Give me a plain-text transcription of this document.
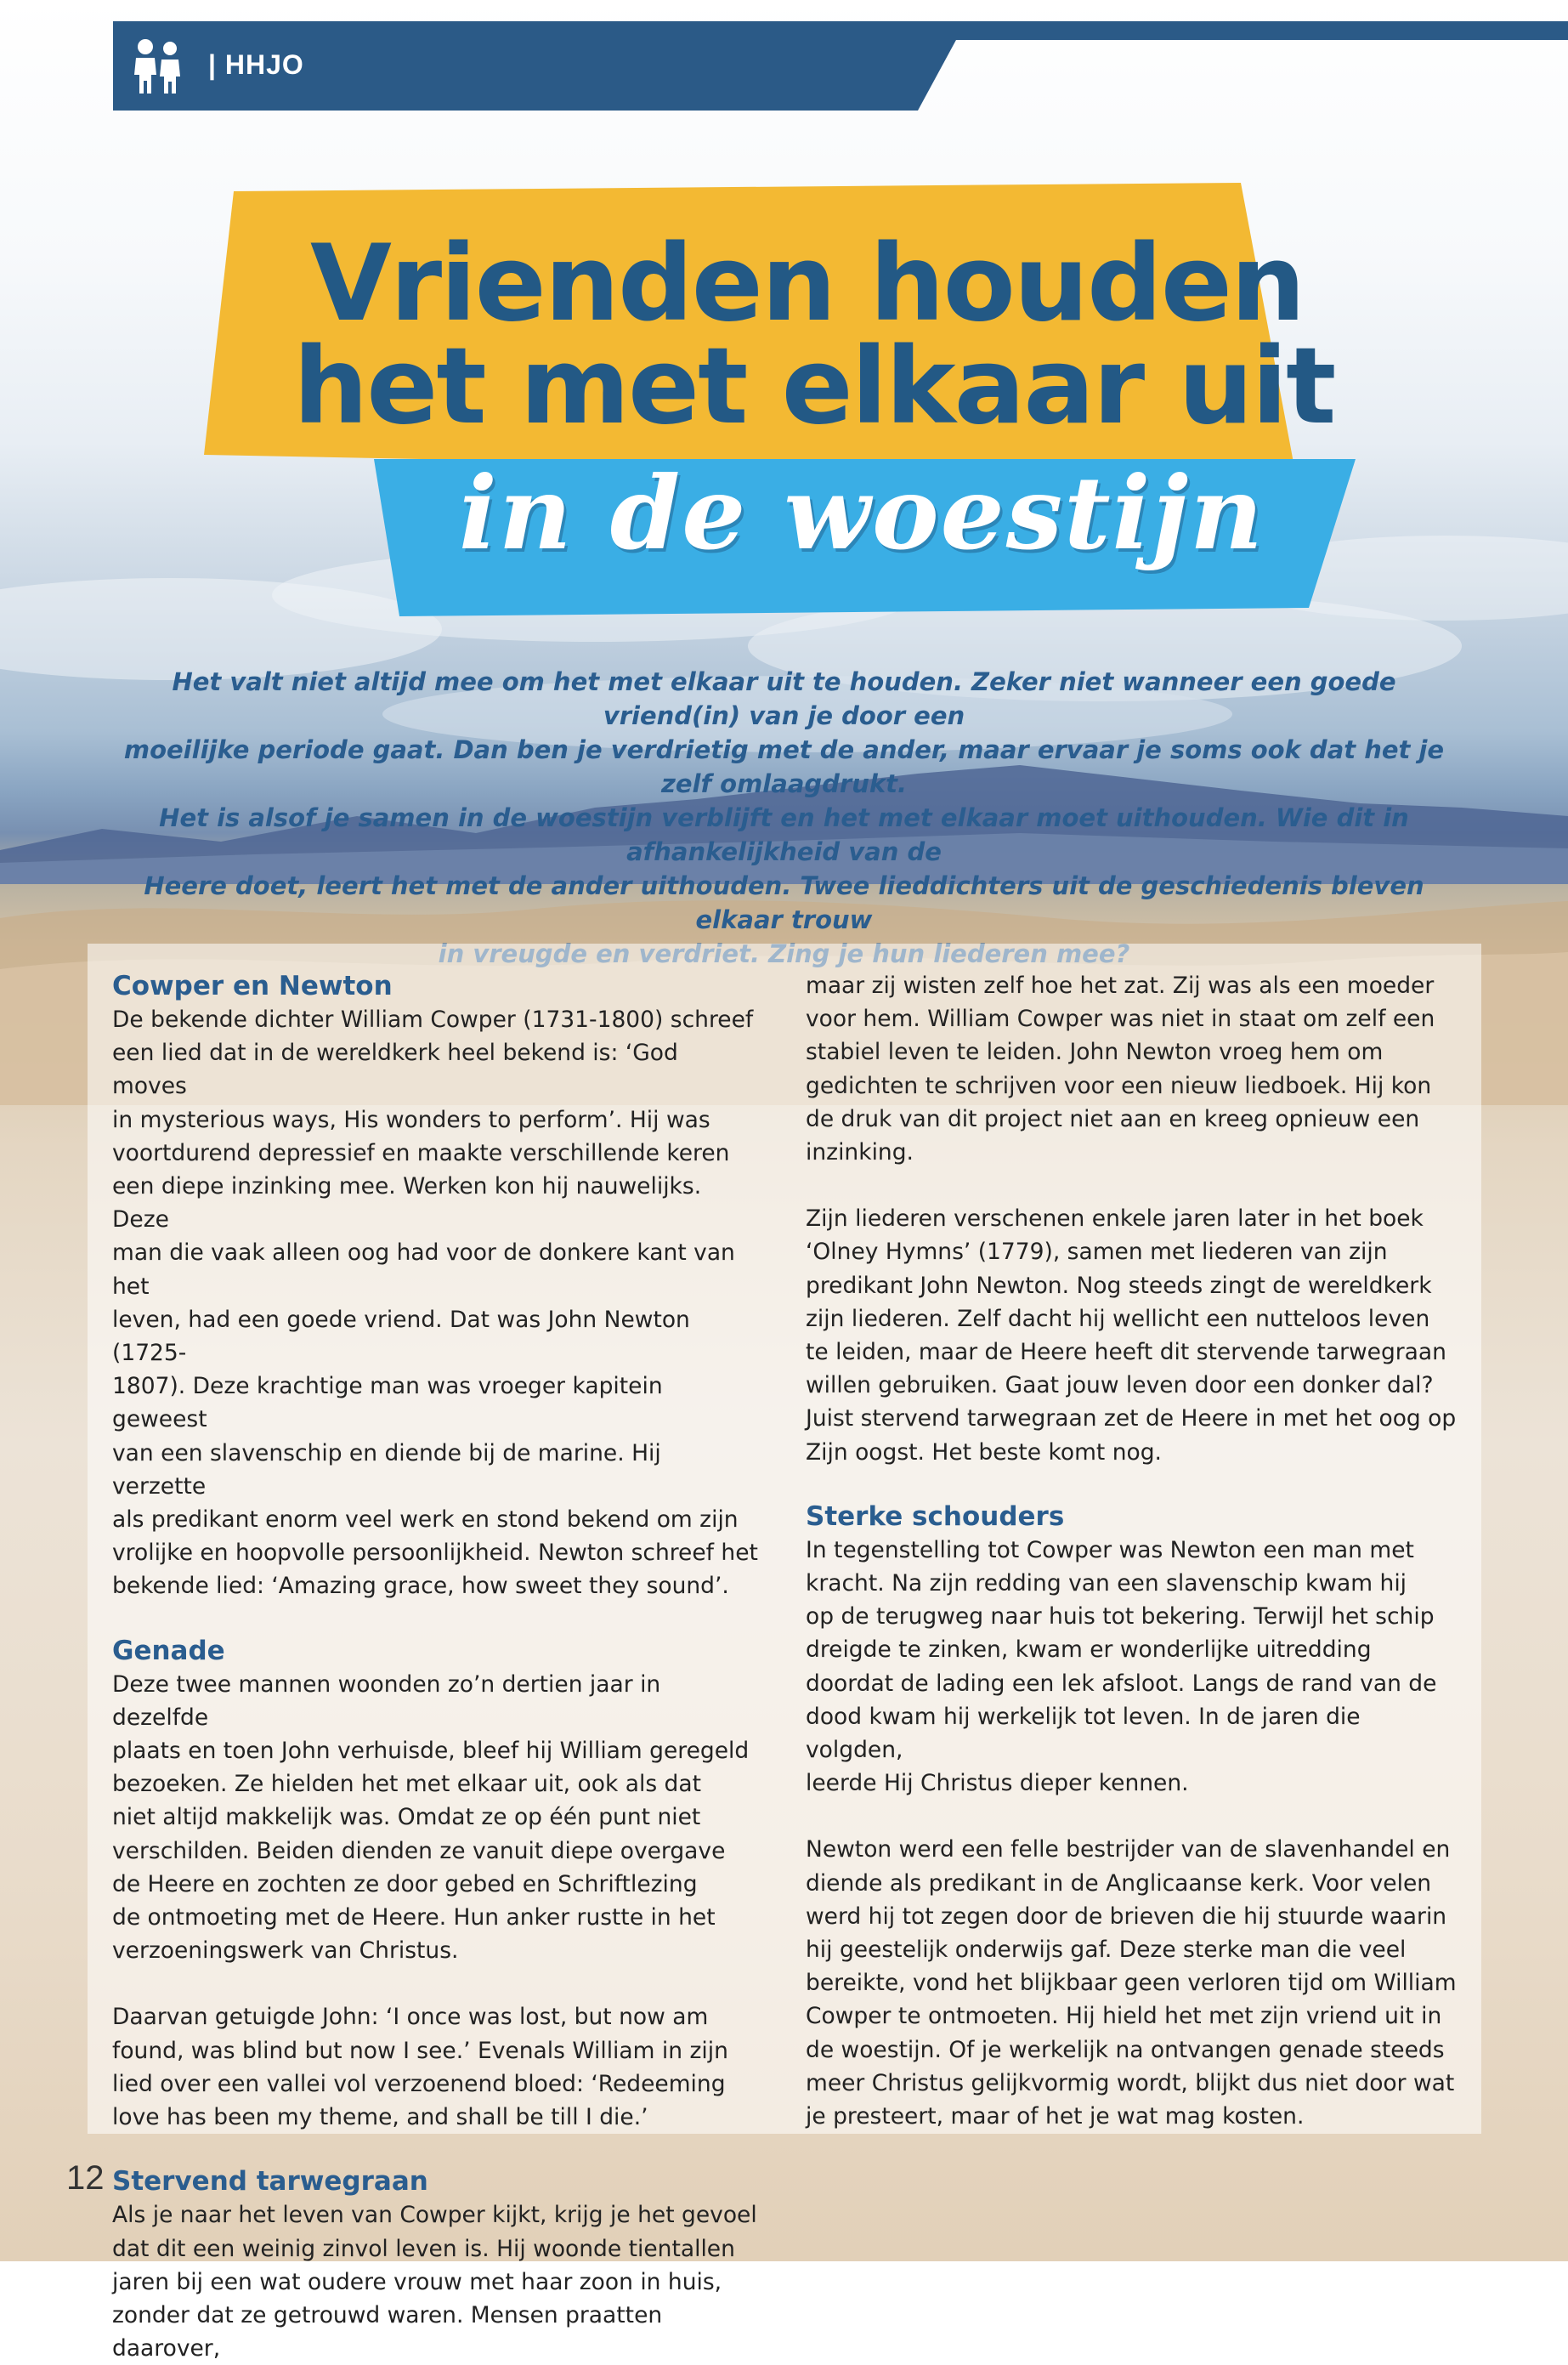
| HHJO
Vrienden houden
het met elkaar uit
in de woestijn

Het valt niet altijd mee om het met elkaar uit te houden. Zeker niet wanneer een goede vriend(in) van je door een

moeilijke periode gaat. Dan ben je verdrietig met de ander, maar ervaar je soms ook dat het je zelf omlaagdrukt.

Het is alsof je samen in de woestijn verblijft en het met elkaar moet uithouden. Wie dit in afhankelijkheid van de

Heere doet, leert het met de ander uithouden. Twee lieddichters uit de geschiedenis bleven elkaar trouw

Cowper en Newton

De bekende dichter William Cowper (1731-1800) schreef

een lied dat in de wereldkerk heel bekend is: ‘God moves

in mysterious ways, His wonders to perform’. Hij was

voortdurend depressief en maakte verschillende keren

een diepe inzinking mee. Werken kon hij nauwelijks. Deze

man die vaak alleen oog had voor de donkere kant van het

leven, had een goede vriend. Dat was John Newton (1725-

1807). Deze krachtige man was vroeger kapitein geweest

van een slavenschip en diende bij de marine. Hij verzette

als predikant enorm veel werk en stond bekend om zijn

vrolijke en hoopvolle persoonlijkheid. Newton schreef het

bekende lied: ‘Amazing grace, how sweet they sound’.

Genade

Deze twee mannen woonden zo’n dertien jaar in dezelfde

plaats en toen John verhuisde, bleef hij William geregeld

bezoeken. Ze hielden het met elkaar uit, ook als dat

niet altijd makkelijk was. Omdat ze op één punt niet

verschilden. Beiden dienden ze vanuit diepe overgave

de Heere en zochten ze door gebed en Schriftlezing

de ontmoeting met de Heere. Hun anker rustte in het

verzoeningswerk van Christus.

Daarvan getuigde John: ‘I once was lost, but now am

found, was blind but now I see.’ Evenals William in zijn

lied over een vallei vol verzoenend bloed: ‘Redeeming

love has been my theme, and shall be till I die.’

Stervend tarwegraan

Als je naar het leven van Cowper kijkt, krijg je het gevoel

dat dit een weinig zinvol leven is. Hij woonde tientallen

jaren bij een wat oudere vrouw met haar zoon in huis,

zonder dat ze getrouwd waren. Mensen praatten daarover,

maar zij wisten zelf hoe het zat. Zij was als een moeder

voor hem. William Cowper was niet in staat om zelf een

stabiel leven te leiden. John Newton vroeg hem om

gedichten te schrijven voor een nieuw liedboek. Hij kon

de druk van dit project niet aan en kreeg opnieuw een

inzinking.

Zijn liederen verschenen enkele jaren later in het boek

‘Olney Hymns’ (1779), samen met liederen van zijn

predikant John Newton. Nog steeds zingt de wereldkerk

zijn liederen. Zelf dacht hij wellicht een nutteloos leven

te leiden, maar de Heere heeft dit stervende tarwegraan

willen gebruiken. Gaat jouw leven door een donker dal?

Juist stervend tarwegraan zet de Heere in met het oog op

Zijn oogst. Het beste komt nog.

Sterke schouders

In tegenstelling tot Cowper was Newton een man met

kracht. Na zijn redding van een slavenschip kwam hij

op de terugweg naar huis tot bekering. Terwijl het schip

dreigde te zinken, kwam er wonderlijke uitredding

doordat de lading een lek afsloot. Langs de rand van de

dood kwam hij werkelijk tot leven. In de jaren die volgden,

leerde Hij Christus dieper kennen.

Newton werd een felle bestrijder van de slavenhandel en

diende als predikant in de Anglicaanse kerk. Voor velen

werd hij tot zegen door de brieven die hij stuurde waarin

hij geestelijk onderwijs gaf. Deze sterke man die veel

bereikte, vond het blijkbaar geen verloren tijd om William

Cowper te ontmoeten. Hij hield het met zijn vriend uit in

de woestijn. Of je werkelijk na ontvangen genade steeds

meer Christus gelijkvormig wordt, blijkt dus niet door wat

je presteert, maar of het je wat mag kosten.

12
